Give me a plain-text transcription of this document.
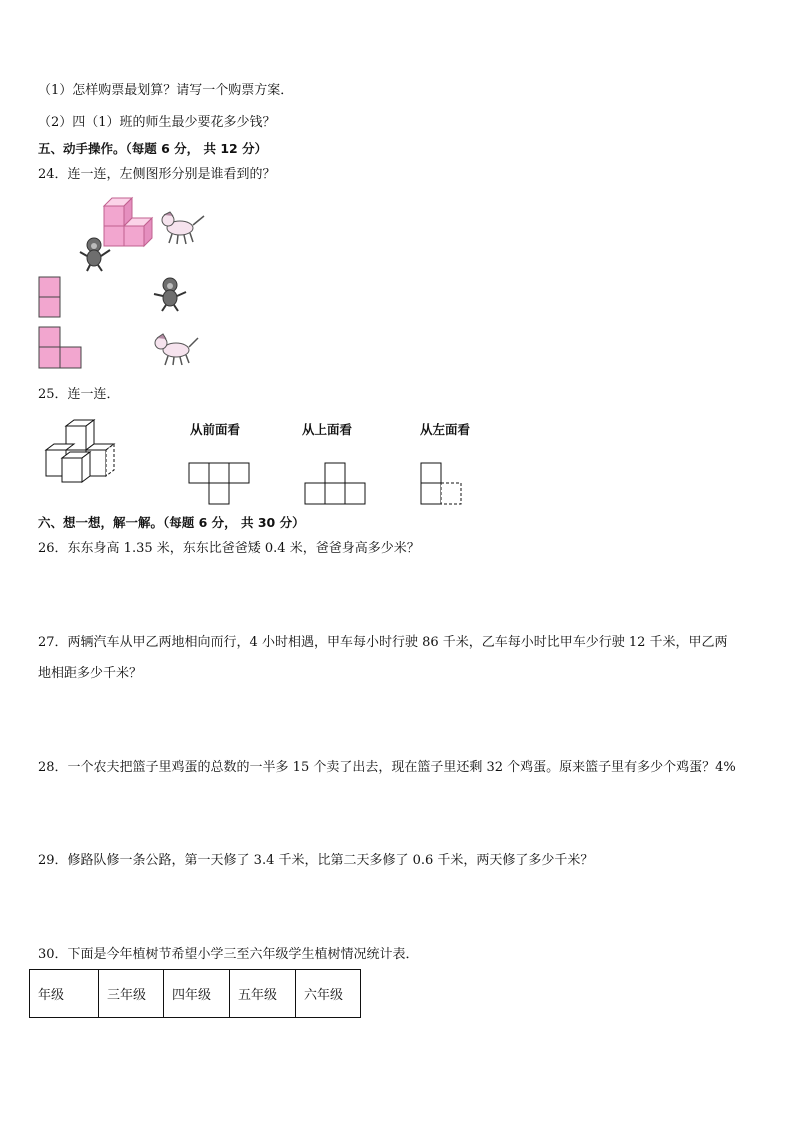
（1）怎样购票最划算？请写一个购票方案．
（2）四（1）班的师生最少要花多少钱？
五、动手操作。（每题 6 分， 共 12 分）
24．连一连，左侧图形分别是谁看到的？
25．连一连．
从前面看	从上面看	从左面看
六、想一想，解一解。（每题 6 分， 共 30 分）
26．东东身高 1.35 米，东东比爸爸矮 0.4 米，爸爸身高多少米？
27．两辆汽车从甲乙两地相向而行，4 小时相遇，甲车每小时行驶 86 千米，乙车每小时比甲车少行驶 12 千米，甲乙两
地相距多少千米？
28．一个农夫把篮子里鸡蛋的总数的一半多 15 个卖了出去，现在篮子里还剩 32 个鸡蛋。原来篮子里有多少个鸡蛋？4%
29．修路队修一条公路，第一天修了 3.4 千米，比第二天多修了 0.6 千米，两天修了多少千米？
30．下面是今年植树节希望小学三至六年级学生植树情况统计表．
年级	三年级	四年级	五年级	六年级
